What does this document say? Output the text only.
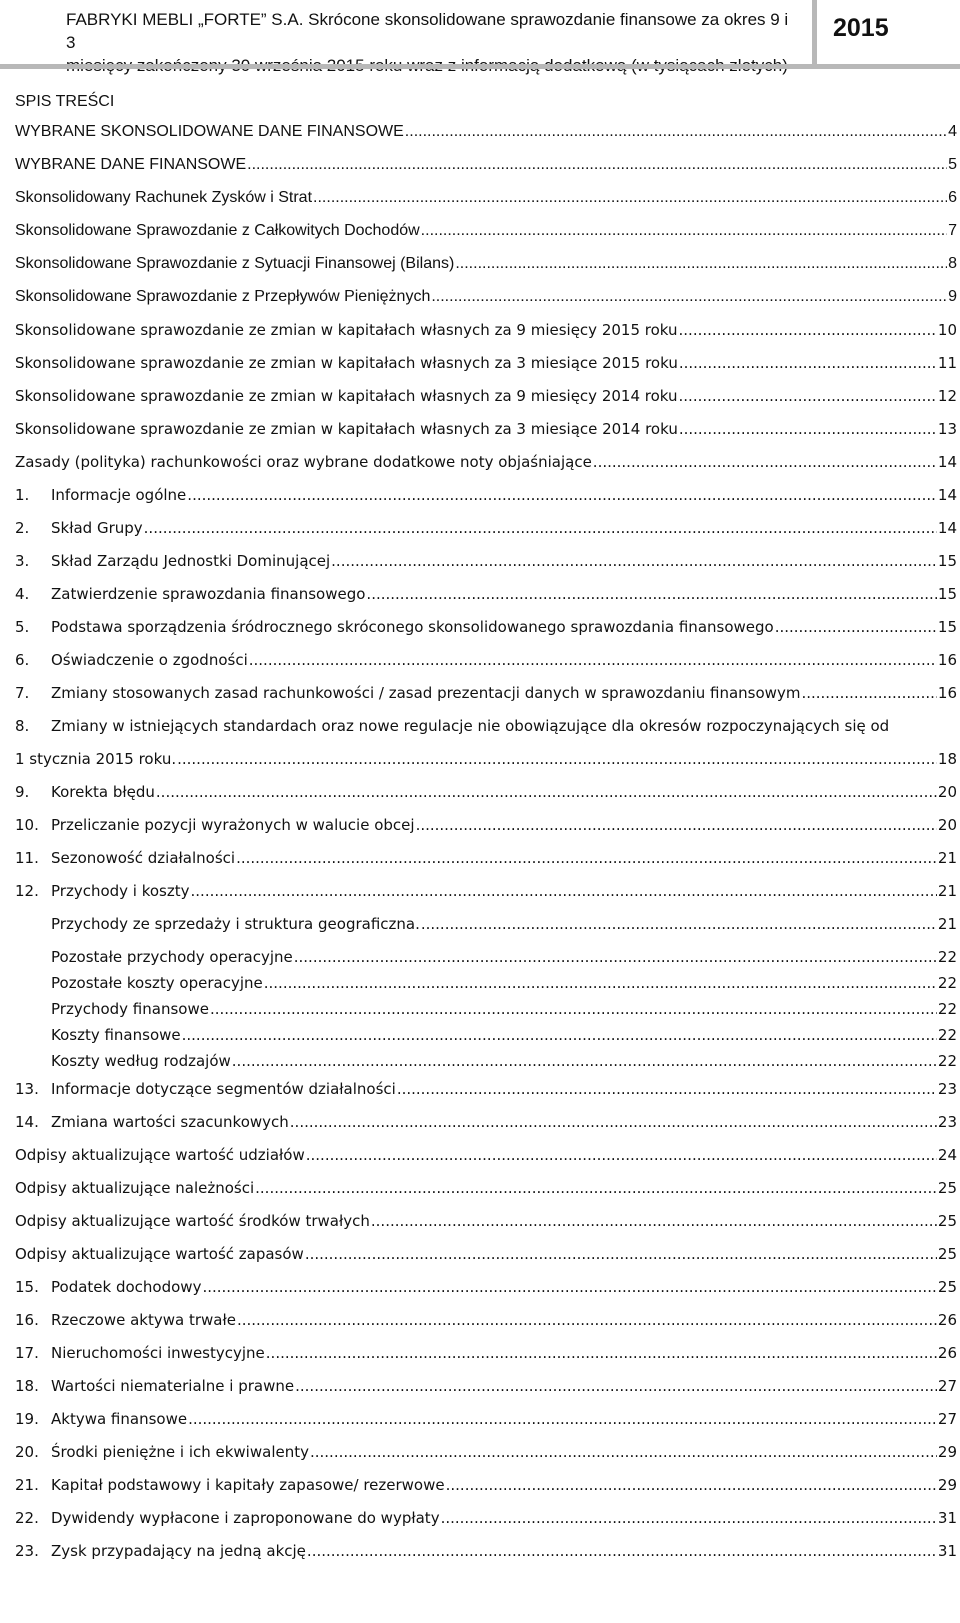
FABRYKI MEBLI „FORTE” S.A. Skrócone skonsolidowane sprawozdanie finansowe za okres 9 i 3
2015
SPIS TREŚCI
WYBRANE SKONSOLIDOWANE DANE FINANSOWE .....	4
WYBRANE DANE FINANSOWE .....	5
Skonsolidowany Rachunek Zysków i Strat .....	6
Skonsolidowane Sprawozdanie z Całkowitych Dochodów .....	7
Skonsolidowane Sprawozdanie z Sytuacji Finansowej (Bilans) .....	8
Skonsolidowane Sprawozdanie z Przepływów Pieniężnych .....	9
Skonsolidowane sprawozdanie ze zmian w kapitałach własnych za 9 miesięcy 2015 roku .....	10
Skonsolidowane sprawozdanie ze zmian w kapitałach własnych za 3 miesiące 2015 roku .....	11
Skonsolidowane sprawozdanie ze zmian w kapitałach własnych za 9 miesięcy 2014 roku .....	12
Skonsolidowane sprawozdanie ze zmian w kapitałach własnych za 3 miesiące 2014 roku .....	13
Zasady (polityka) rachunkowości oraz wybrane dodatkowe noty objaśniające .....	14
1.	Informacje ogólne .....	14
2.	Skład Grupy .....	14
3.	Skład Zarządu Jednostki Dominującej .....	15
4.	Zatwierdzenie sprawozdania finansowego .....	15
5.	Podstawa sporządzenia śródrocznego skróconego skonsolidowanego sprawozdania finansowego .....	15
6.	Oświadczenie o zgodności .....	16
7.	Zmiany stosowanych zasad rachunkowości / zasad prezentacji danych w sprawozdaniu finansowym .....	16
8.	Zmiany w istniejących standardach oraz nowe regulacje nie obowiązujące dla okresów rozpoczynających się od
1 stycznia 2015 roku. .....	18
9.	Korekta błędu .....	20
10. Przeliczanie pozycji wyrażonych w walucie obcej .....	20
11. Sezonowość działalności .....	21
12. Przychody i koszty .....	21
Przychody ze sprzedaży i struktura geograficzna. .....	21
Pozostałe przychody operacyjne .....	22
Pozostałe koszty operacyjne .....	22
Przychody finansowe .....	22
Koszty finansowe .....	22
Koszty według rodzajów .....	22
13. Informacje dotyczące segmentów działalności .....	23
14. Zmiana wartości szacunkowych .....	23
Odpisy aktualizujące wartość udziałów .....	24
Odpisy aktualizujące należności .....	25
Odpisy aktualizujące wartość środków trwałych .....	25
Odpisy aktualizujące wartość zapasów .....	25
15. Podatek dochodowy .....	25
16. Rzeczowe aktywa trwałe .....	26
17. Nieruchomości inwestycyjne .....	26
18. Wartości niematerialne i prawne .....	27
19. Aktywa finansowe .....	27
20. Środki pieniężne i ich ekwiwalenty .....	29
21. Kapitał podstawowy i kapitały zapasowe/ rezerwowe .....	29
22. Dywidendy wypłacone i zaproponowane do wypłaty .....	31
23. Zysk przypadający na jedną akcję .....	31
